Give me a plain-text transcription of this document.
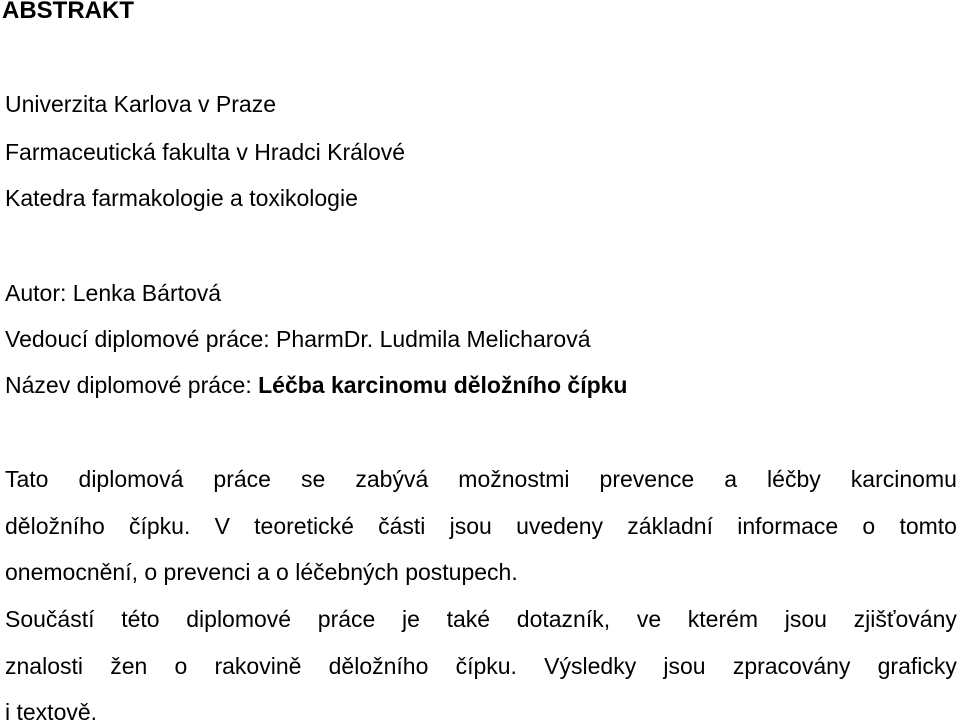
ABSTRAKT
Univerzita Karlova v Praze
Farmaceutická fakulta v Hradci Králové
Katedra farmakologie a toxikologie
Autor: Lenka Bártová
Vedoucí diplomové práce: PharmDr. Ludmila Melicharová
Název diplomové práce: Léčba karcinomu děložního čípku
Tato diplomová práce se zabývá možnostmi prevence a léčby karcinomu
děložního čípku. V teoretické části jsou uvedeny základní informace o tomto
onemocnění, o prevenci a o léčebných postupech.
Součástí této diplomové práce je také dotazník, ve kterém jsou zjišťovány
znalosti žen o rakovině děložního čípku. Výsledky jsou zpracovány graficky
i textově.
